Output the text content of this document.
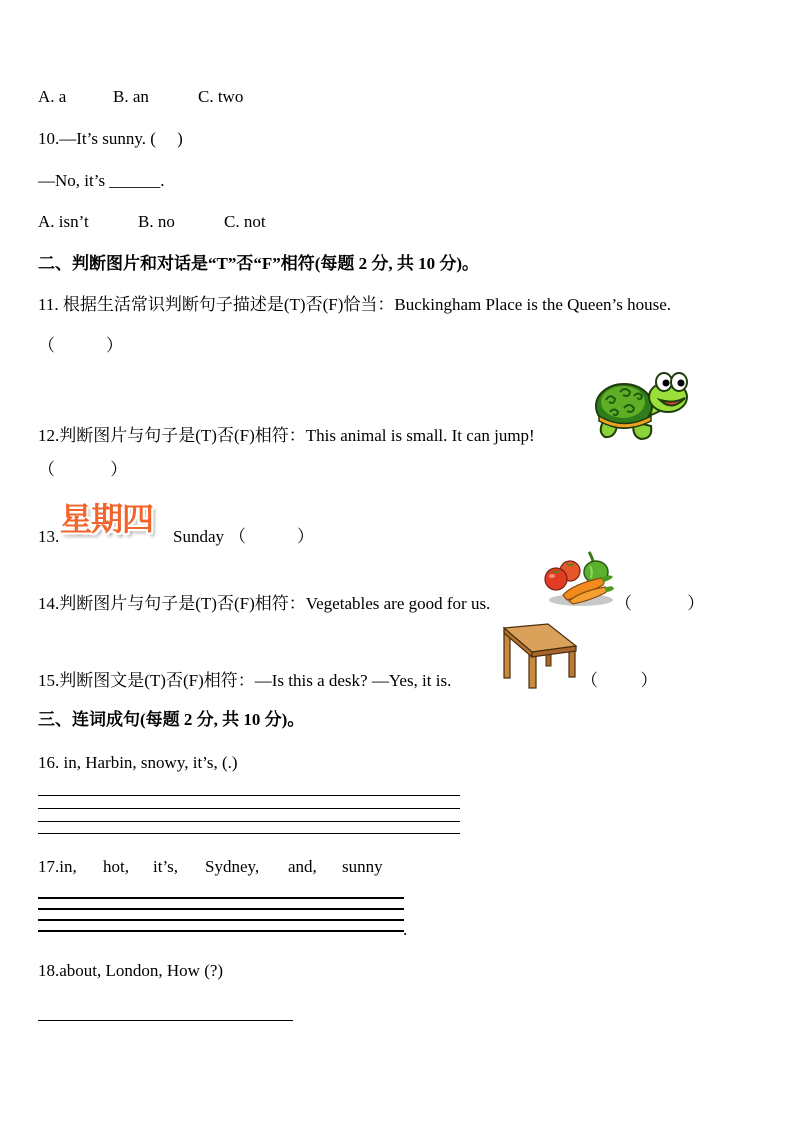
A. a	B. an	C. two
10.—It’s sunny. (     )
—No, it’s ______.
A. isn’t	B. no	C. not
二、判断图片和对话是“T”否“F”相符(每题 2 分, 共 10 分)。
11. 根据生活常识判断句子描述是(T)否(F)恰当：Buckingham Place is the Queen’s house.
（            ）
12.判断图片与句子是(T)否(F)相符：This animal is small. It can jump!
（             ）
13. 星期四	Sunday （            ）
14.判断图片与句子是(T)否(F)相符：Vegetables are good for us.	（             ）
15.判断图文是(T)否(F)相符：—Is this a desk? —Yes, it is.	（          ）
三、连词成句(每题 2 分, 共 10 分)。
16. in, Harbin, snowy, it’s, (.)
17.in, hot, it’s, Sydney, and, sunny
.
18.about, London, How (?)
